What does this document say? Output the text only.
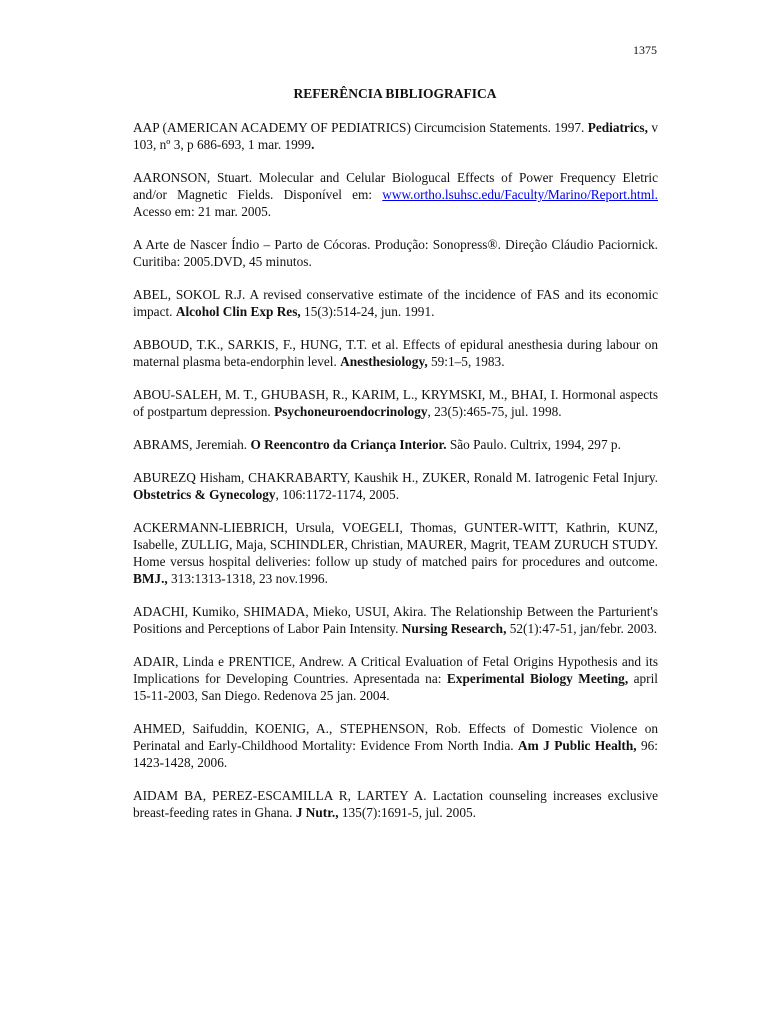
1375
REFERÊNCIA BIBLIOGRAFICA

AAP (AMERICAN ACADEMY OF PEDIATRICS) Circumcision Statements. 1997. Pediatrics, v 103, nº 3, p 686-693, 1 mar. 1999.

AARONSON, Stuart. Molecular and Celular Biologucal Effects of Power Frequency Eletric and/or Magnetic Fields. Disponível em: www.ortho.lsuhsc.edu/Faculty/Marino/Report.html. Acesso em: 21 mar. 2005.

A Arte de Nascer Índio – Parto de Cócoras. Produção: Sonopress®. Direção Cláudio Paciornick. Curitiba: 2005.DVD, 45 minutos.

ABEL, SOKOL R.J. A revised conservative estimate of the incidence of FAS and its economic impact. Alcohol Clin Exp Res, 15(3):514-24, jun. 1991.

ABBOUD, T.K., SARKIS, F., HUNG, T.T. et al. Effects of epidural anesthesia during labour on maternal plasma beta-endorphin level. Anesthesiology, 59:1–5, 1983.

ABOU-SALEH, M. T., GHUBASH, R., KARIM, L., KRYMSKI, M., BHAI, I. Hormonal aspects of postpartum depression. Psychoneuroendocrinology, 23(5):465-75, jul. 1998.

ABRAMS, Jeremiah. O Reencontro da Criança Interior. São Paulo. Cultrix, 1994, 297 p.

ABUREZQ Hisham, CHAKRABARTY, Kaushik H., ZUKER, Ronald M. Iatrogenic Fetal Injury. Obstetrics & Gynecology, 106:1172-1174, 2005.

ACKERMANN-LIEBRICH, Ursula, VOEGELI, Thomas, GUNTER-WITT, Kathrin, KUNZ, Isabelle, ZULLIG, Maja, SCHINDLER, Christian, MAURER, Magrit, TEAM ZURUCH STUDY. Home versus hospital deliveries: follow up study of matched pairs for procedures and outcome. BMJ., 313:1313-1318, 23 nov.1996.

ADACHI, Kumiko, SHIMADA, Mieko, USUI, Akira. The Relationship Between the Parturient's Positions and Perceptions of Labor Pain Intensity. Nursing Research, 52(1):47-51, jan/febr. 2003.

ADAIR, Linda e PRENTICE, Andrew. A Critical Evaluation of Fetal Origins Hypothesis and its Implications for Developing Countries. Apresentada na: Experimental Biology Meeting, april 15-11-2003, San Diego. Redenova 25 jan. 2004.

AHMED, Saifuddin, KOENIG, A., STEPHENSON, Rob. Effects of Domestic Violence on Perinatal and Early-Childhood Mortality: Evidence From North India. Am J Public Health, 96: 1423-1428, 2006.

AIDAM BA, PEREZ-ESCAMILLA R, LARTEY A. Lactation counseling increases exclusive breast-feeding rates in Ghana. J Nutr., 135(7):1691-5, jul. 2005.
